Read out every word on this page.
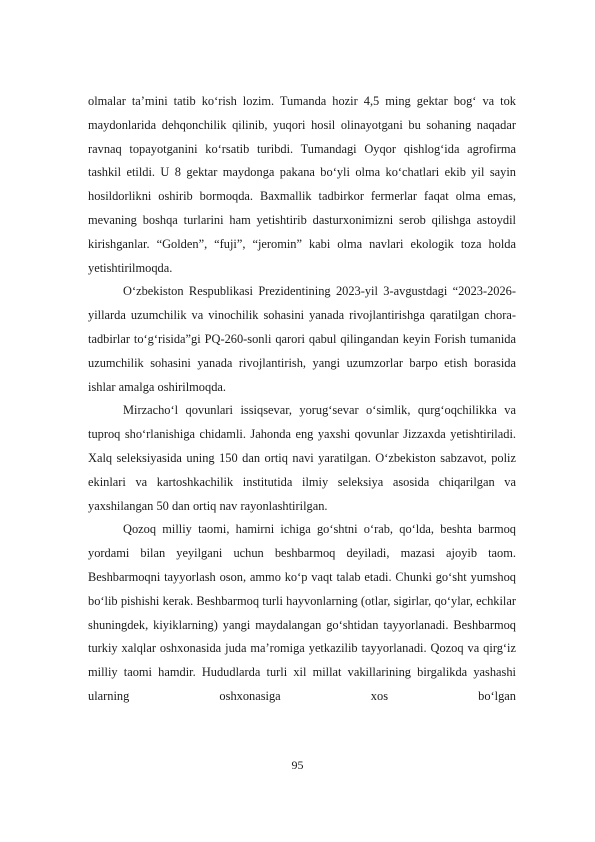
olmalar taʼmini tatib koʻrish lozim. Tumanda hozir 4,5 ming gektar bogʻ va tok maydonlarida dehqonchilik qilinib, yuqori hosil olinayotgani bu sohaning naqadar ravnaq topayotganini koʻrsatib turibdi. Tumandagi Oyqor qishlogʻida agrofirma tashkil etildi. U 8 gektar maydonga pakana boʻyli olma koʻchatlari ekib yil sayin hosildorlikni oshirib bormoqda. Baxmallik tadbirkor fermerlar faqat olma emas, mevaning boshqa turlarini ham yetishtirib dasturxonimizni serob qilishga astoydil kirishganlar. “Golden”, “fuji”, “jeromin” kabi olma navlari ekologik toza holda yetishtirilmoqda.

Oʻzbekiston Respublikasi Prezidentining 2023-yil 3-avgustdagi “2023-2026-yillarda uzumchilik va vinochilik sohasini yanada rivojlantirishga qaratilgan chora-tadbirlar toʻgʻrisida”gi PQ-260-sonli qarori qabul qilingandan keyin Forish tumanida uzumchilik sohasini yanada rivojlantirish, yangi uzumzorlar barpo etish borasida ishlar amalga oshirilmoqda.

Mirzachoʻl qovunlari issiqsevar, yorugʻsevar oʻsimlik, qurgʻoqchilikka va tuproq shoʻrlanishiga chidamli. Jahonda eng yaxshi qovunlar Jizzaxda yetishtiriladi. Xalq seleksiyasida uning 150 dan ortiq navi yaratilgan. Oʻzbekiston sabzavot, poliz ekinlari va kartoshkachilik institutida ilmiy seleksiya asosida chiqarilgan va yaxshilangan 50 dan ortiq nav rayonlashtirilgan.

Qozoq milliy taomi, hamirni ichiga goʻshtni oʻrab, qoʻlda, beshta barmoq yordami bilan yeyilgani uchun beshbarmoq deyiladi, mazasi ajoyib taom. Beshbarmoqni tayyorlash oson, ammo koʻp vaqt talab etadi. Chunki goʻsht yumshoq boʻlib pishishi kerak. Beshbarmoq turli hayvonlarning (otlar, sigirlar, qoʻylar, echkilar shuningdek, kiyiklarning) yangi maydalangan goʻshtidan tayyorlanadi. Beshbarmoq turkiy xalqlar oshxonasida juda maʼromiga yetkazilib tayyorlanadi. Qozoq va qirgʻiz milliy taomi hamdir. Hududlarda turli xil millat vakillarining birgalikda yashashi ularning oshxonasiga xos boʻlgan

95
